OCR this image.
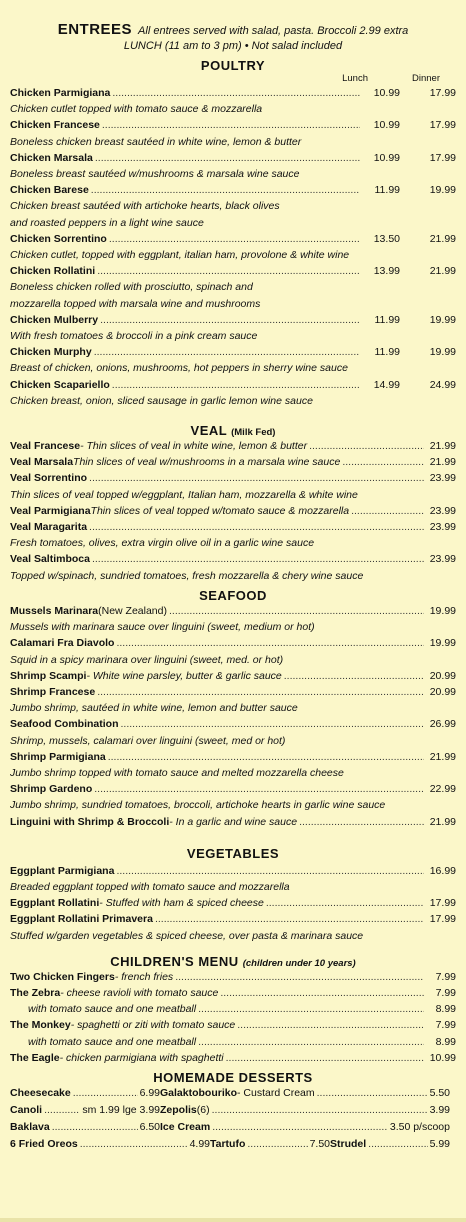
ENTREES All entrees served with salad, pasta. Broccoli 2.99 extra
LUNCH (11 am to 3 pm) • Not salad included
POULTRY
Lunch	Dinner
Chicken Parmigiana .....	10.99	17.99
Chicken cutlet topped with tomato sauce & mozzarella
Chicken Francese .....	10.99	17.99
Boneless chicken breast sautéed in white wine, lemon & butter
Chicken Marsala .....	10.99	17.99
Boneless breast sautéed w/mushrooms & marsala wine sauce
Chicken Barese .....	11.99	19.99
Chicken breast sautéed with artichoke hearts, black olives
and roasted peppers in a light wine sauce
Chicken Sorrentino .....	13.50	21.99
Chicken cutlet, topped with eggplant, italian ham, provolone & white wine
Chicken Rollatini .....	13.99	21.99
Boneless chicken rolled with prosciutto, spinach and
mozzarella topped with marsala wine and mushrooms
Chicken Mulberry .....	11.99	19.99
With fresh tomatoes & broccoli in a pink cream sauce
Chicken Murphy .....	11.99	19.99
Breast of chicken, onions, mushrooms, hot peppers in sherry wine sauce
Chicken Scapariello .....	14.99	24.99
Chicken breast, onion, sliced sausage in garlic lemon wine sauce
VEAL (Milk Fed)
Veal Francese - Thin slices of veal in white wine, lemon & butter .....	21.99
Veal Marsala Thin slices of veal w/mushrooms in a marsala wine sauce .....	21.99
Veal Sorrentino .....	23.99
Thin slices of veal topped w/eggplant, Italian ham, mozzarella & white wine
Veal Parmigiana Thin slices of veal topped w/tomato sauce & mozzarella .....	23.99
Veal Maragarita .....	23.99
Fresh tomatoes, olives, extra virgin olive oil in a garlic wine sauce
Veal Saltimboca .....	23.99
Topped w/spinach, sundried tomatoes, fresh mozzarella & chery wine sauce
SEAFOOD
Mussels Marinara (New Zealand) .....	19.99
Mussels with marinara sauce over linguini (sweet, medium or hot)
Calamari Fra Diavolo .....	19.99
Squid in a spicy marinara over linguini (sweet, med. or hot)
Shrimp Scampi - White wine parsley, butter & garlic sauce .....	20.99
Shrimp Francese .....	20.99
Jumbo shrimp, sautéed in white wine, lemon and butter sauce
Seafood Combination .....	26.99
Shrimp, mussels, calamari over linguini (sweet, med or hot)
Shrimp Parmigiana .....	21.99
Jumbo shrimp topped with tomato sauce and melted mozzarella cheese
Shrimp Gardeno .....	22.99
Jumbo shrimp, sundried tomatoes, broccoli, artichoke hearts in garlic wine sauce
Linguini with Shrimp & Broccoli - In a garlic and wine sauce .....	21.99
VEGETABLES
Eggplant Parmigiana .....	16.99
Breaded eggplant topped with tomato sauce and mozzarella
Eggplant Rollatini - Stuffed with ham & spiced cheese .....	17.99
Eggplant Rollatini Primavera .....	17.99
Stuffed w/garden vegetables & spiced cheese, over pasta & marinara sauce
CHILDREN'S MENU (children under 10 years)
Two Chicken Fingers - french fries .....	7.99
The Zebra - cheese ravioli with tomato sauce .....	7.99
with tomato sauce and one meatball .....	8.99
The Monkey - spaghetti or ziti with tomato sauce .....	7.99
with tomato sauce and one meatball .....	8.99
The Eagle - chicken parmigiana with spaghetti .....	10.99
HOMEMADE DESSERTS
Cheesecake .....	6.99 Galaktobouriko - Custard Cream .....	5.50
Canoli .....	sm 1.99 lge 3.99 Zepolis (6) .....	3.99
Baklava .....	6.50 Ice Cream .....	3.50 p/scoop
6 Fried Oreos .....	4.99 Tartufo .....	7.50 Strudel .....	5.99
